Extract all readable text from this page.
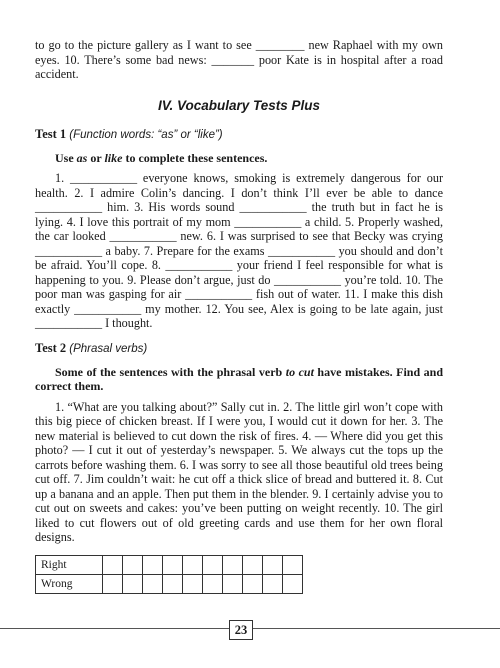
to go to the picture gallery as I want to see ________ new Raphael with my own eyes. 10. There’s some bad news: _______ poor Kate is in hospital after a road accident.

IV. Vocabulary Tests Plus
Test 1 (Function words: “as” or “like”)
Use as or like to complete these sentences.

1. ___________ everyone knows, smoking is extremely dangerous for our health. 2. I admire Colin’s dancing. I don’t think I’ll ever be able to dance ___________ him. 3. His words sound ___________ the truth but in fact he is lying. 4. I love this portrait of my mom ___________ a child. 5. Properly washed, the car looked ___________ new. 6. I was surprised to see that Becky was crying ___________ a baby. 7. Prepare for the exams ___________ you should and don’t be afraid. You’ll cope. 8. ___________ your friend I feel responsible for what is happening to you. 9. Please don’t argue, just do ___________ you’re told. 10. The poor man was gasping for air ___________ fish out of water. 11. I make this dish exactly ___________ my mother. 12. You see, Alex is going to be late again, just ___________ I thought.

Test 2 (Phrasal verbs)
Some of the sentences with the phrasal verb to cut have mistakes. Find and correct them.

1. “What are you talking about?” Sally cut in. 2. The little girl won’t cope with this big piece of chicken breast. If I were you, I would cut it down for her. 3. The new material is believed to cut down the risk of fires. 4. — Where did you get this photo? — I cut it out of yesterday’s newspaper. 5. We always cut the tops up the carrots before washing them. 6. I was sorry to see all those beautiful old trees being cut off. 7. Jim couldn’t wait: he cut off a thick slice of bread and buttered it. 8. Cut up a banana and an apple. Then put them in the blender. 9. I certainly advise you to cut out on sweets and cakes: you’ve been putting on weight recently. 10. The girl liked to cut flowers out of old greeting cards and use them for her own floral designs.

Right										
Wrong										
23
